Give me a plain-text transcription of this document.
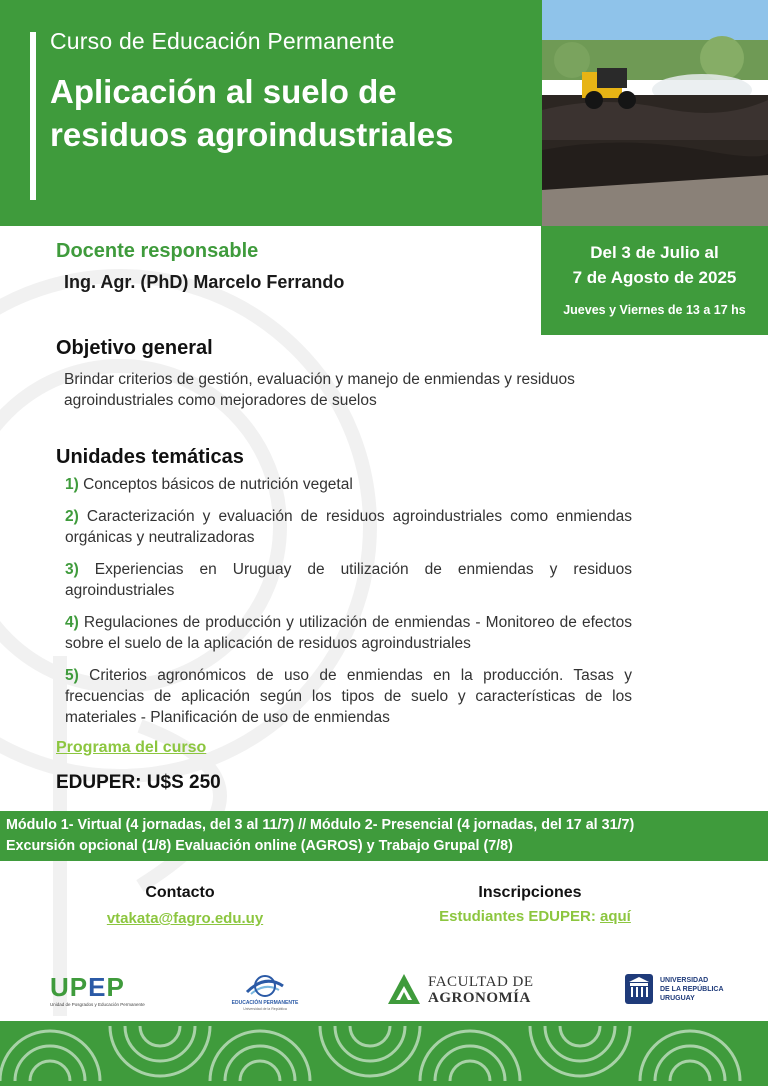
Curso de Educación Permanente
Aplicación al suelo de residuos agroindustriales
Del 3 de Julio al
7 de Agosto de 2025
Jueves y Viernes de 13 a 17 hs
Docente responsable
Ing. Agr. (PhD) Marcelo Ferrando
Objetivo general
Brindar criterios de gestión, evaluación y manejo de enmiendas y residuos agroindustriales como mejoradores de suelos
Unidades temáticas
1) Conceptos básicos de nutrición vegetal
2) Caracterización y evaluación de residuos agroindustriales como enmiendas orgánicas y neutralizadoras
3) Experiencias en Uruguay de utilización de enmiendas y residuos agroindustriales
4) Regulaciones de producción y utilización de enmiendas - Monitoreo de efectos sobre el suelo de la aplicación de residuos agroindustriales
5) Criterios agronómicos de uso de enmiendas en la producción. Tasas y frecuencias de aplicación según los tipos de suelo y características de los materiales - Planificación de uso de enmiendas
Programa del curso
EDUPER: U$S 250
Módulo 1- Virtual (4 jornadas, del 3 al 11/7) // Módulo 2- Presencial (4 jornadas, del 17 al 31/7)
Excursión opcional (1/8) Evaluación online (AGROS) y Trabajo Grupal (7/8)
Contacto
vtakata@fagro.edu.uy
Inscripciones
Estudiantes EDUPER: aquí
UPEP
Unidad de Posgrados y Educación Permanente	EDUCACIÓN PERMANENTE
Universidad de la República
FACULTAD DE
AGRONOMÍA
UNIVERSIDAD
DE LA REPÚBLICA
URUGUAY
